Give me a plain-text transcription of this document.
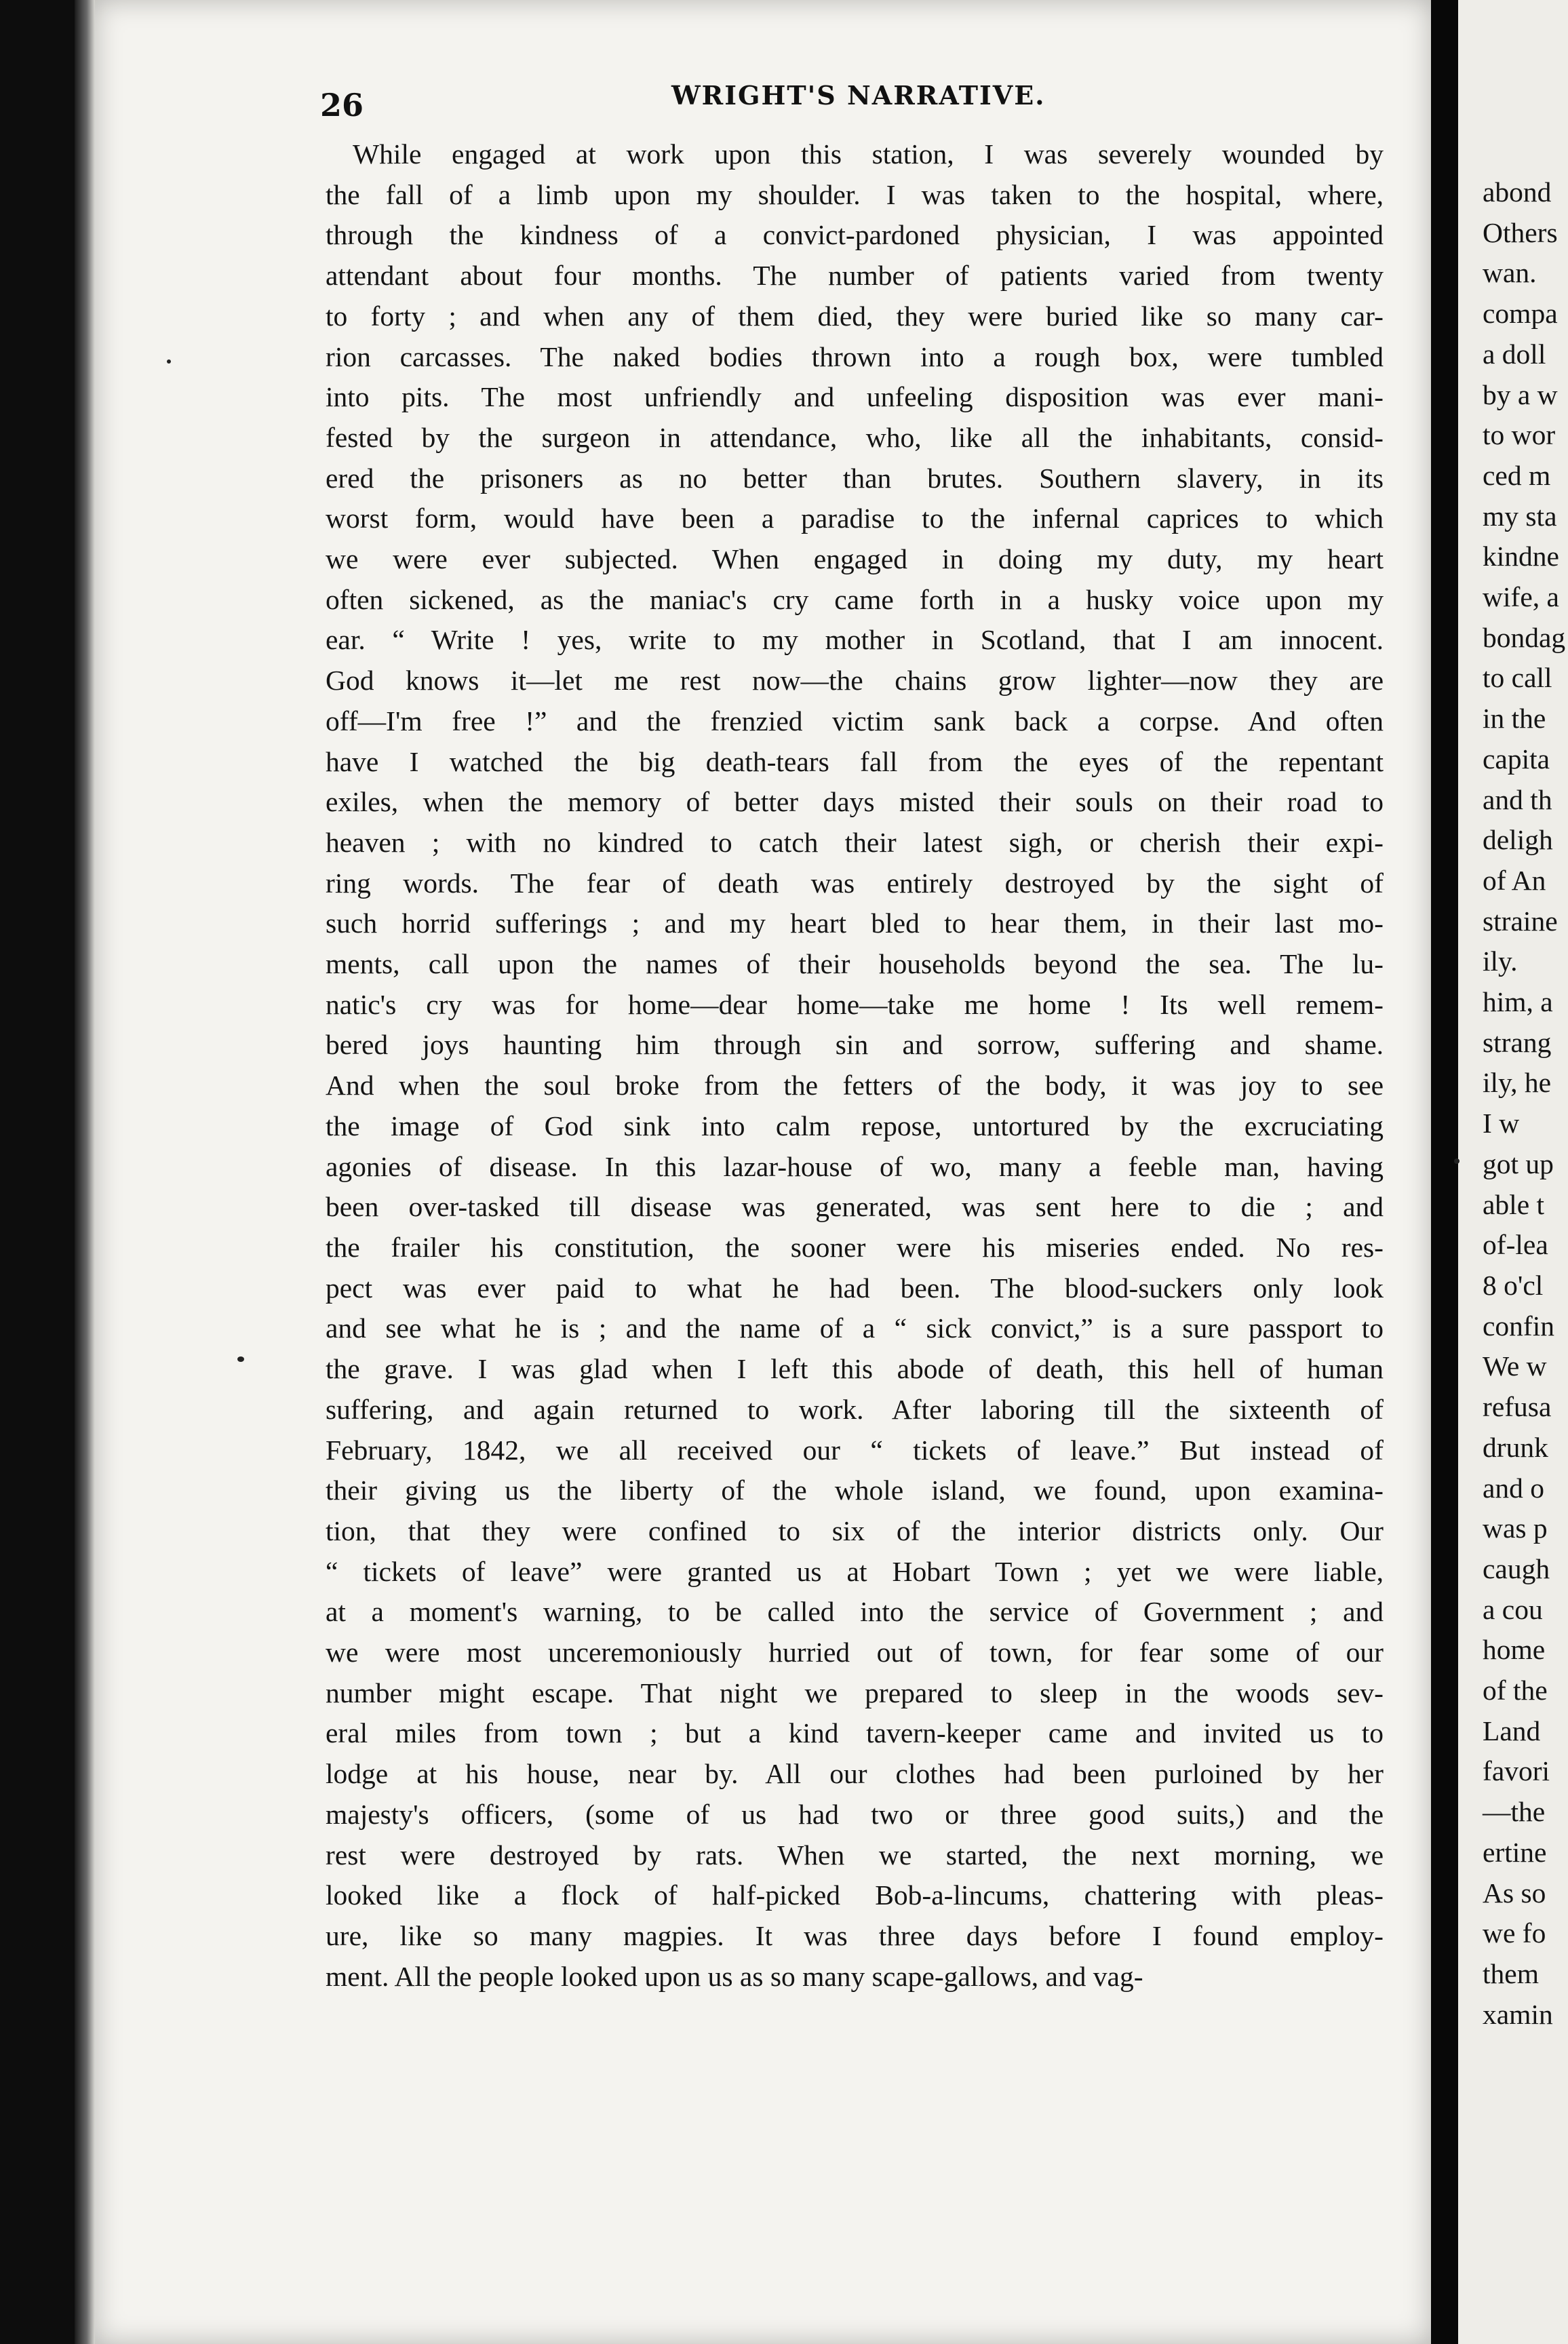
26	WRIGHT'S NARRATIVE.
While engaged at work upon this station, I was severely wounded by
the fall of a limb upon my shoulder. I was taken to the hospital, where,
through the kindness of a convict-pardoned physician, I was appointed
attendant about four months. The number of patients varied from twenty
to forty ; and when any of them died, they were buried like so many car-
rion carcasses. The naked bodies thrown into a rough box, were tumbled
into pits. The most unfriendly and unfeeling disposition was ever mani-
fested by the surgeon in attendance, who, like all the inhabitants, consid-
ered the prisoners as no better than brutes. Southern slavery, in its
worst form, would have been a paradise to the infernal caprices to which
we were ever subjected. When engaged in doing my duty, my heart
often sickened, as the maniac's cry came forth in a husky voice upon my
ear. “ Write ! yes, write to my mother in Scotland, that I am innocent.
God knows it—let me rest now—the chains grow lighter—now they are
off—I'm free !” and the frenzied victim sank back a corpse. And often
have I watched the big death-tears fall from the eyes of the repentant
exiles, when the memory of better days misted their souls on their road to
heaven ; with no kindred to catch their latest sigh, or cherish their expi-
ring words. The fear of death was entirely destroyed by the sight of
such horrid sufferings ; and my heart bled to hear them, in their last mo-
ments, call upon the names of their households beyond the sea. The lu-
natic's cry was for home—dear home—take me home ! Its well remem-
bered joys haunting him through sin and sorrow, suffering and shame.
And when the soul broke from the fetters of the body, it was joy to see
the image of God sink into calm repose, untortured by the excruciating
agonies of disease. In this lazar-house of wo, many a feeble man, having
been over-tasked till disease was generated, was sent here to die ; and
the frailer his constitution, the sooner were his miseries ended. No res-
pect was ever paid to what he had been. The blood-suckers only look
and see what he is ; and the name of a “ sick convict,” is a sure passport to
the grave. I was glad when I left this abode of death, this hell of human
suffering, and again returned to work. After laboring till the sixteenth of
February, 1842, we all received our “ tickets of leave.” But instead of
their giving us the liberty of the whole island, we found, upon examina-
tion, that they were confined to six of the interior districts only. Our
“ tickets of leave” were granted us at Hobart Town ; yet we were liable,
at a moment's warning, to be called into the service of Government ; and
we were most unceremoniously hurried out of town, for fear some of our
number might escape. That night we prepared to sleep in the woods sev-
eral miles from town ; but a kind tavern-keeper came and invited us to
lodge at his house, near by. All our clothes had been purloined by her
majesty's officers, (some of us had two or three good suits,) and the
rest were destroyed by rats. When we started, the next morning, we
looked like a flock of half-picked Bob-a-lincums, chattering with pleas-
ure, like so many magpies. It was three days before I found employ-
ment. All the people looked upon us as so many scape-gallows, and vag-
abond
Others
wan.
compa
a doll
by a w
to wor
ced m
my sta
kindne
wife, a
bondag
to call
in the
capita
and th
deligh
of An
straine
ily.
him, a
strang
ily, he
I w
got up
able t
of-lea
8 o'cl
confin
We w
refusa
drunk
and o
was p
caugh
a cou
home
of the
Land
favori
—the
ertine
As so
we fo
them
xamin
